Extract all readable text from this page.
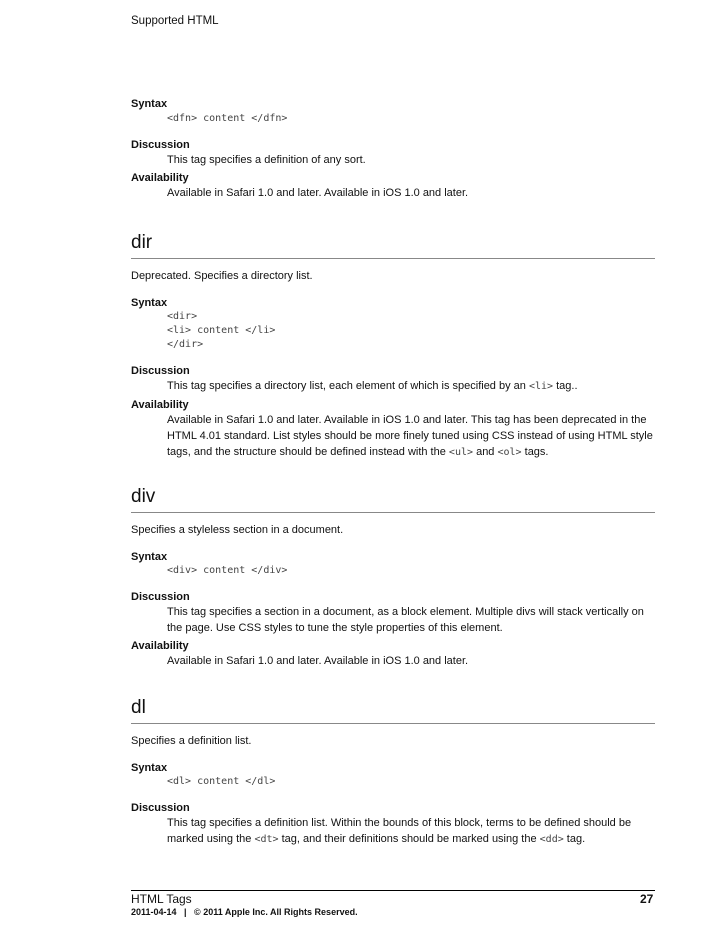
Supported HTML
Syntax
<dfn> content </dfn>
Discussion

This tag specifies a definition of any sort.

Availability

Available in Safari 1.0 and later. Available in iOS 1.0 and later.

dir

Deprecated. Specifies a directory list.

Syntax
<dir>
<li> content </li>
</dir>
Discussion

This tag specifies a directory list, each element of which is specified by an <li> tag..

Availability

Available in Safari 1.0 and later. Available in iOS 1.0 and later. This tag has been deprecated in the

HTML 4.01 standard. List styles should be more finely tuned using CSS instead of using HTML style

tags, and the structure should be defined instead with the <ul> and <ol> tags.

div

Specifies a styleless section in a document.

Syntax
<div> content </div>
Discussion

This tag specifies a section in a document, as a block element. Multiple divs will stack vertically on

the page. Use CSS styles to tune the style properties of this element.

Availability

Available in Safari 1.0 and later. Available in iOS 1.0 and later.

dl

Specifies a definition list.

Syntax
<dl> content </dl>
Discussion

This tag specifies a definition list. Within the bounds of this block, terms to be defined should be

marked using the <dt> tag, and their definitions should be marked using the <dd> tag.

HTML Tags	27
2011-04-14   |   © 2011 Apple Inc. All Rights Reserved.
